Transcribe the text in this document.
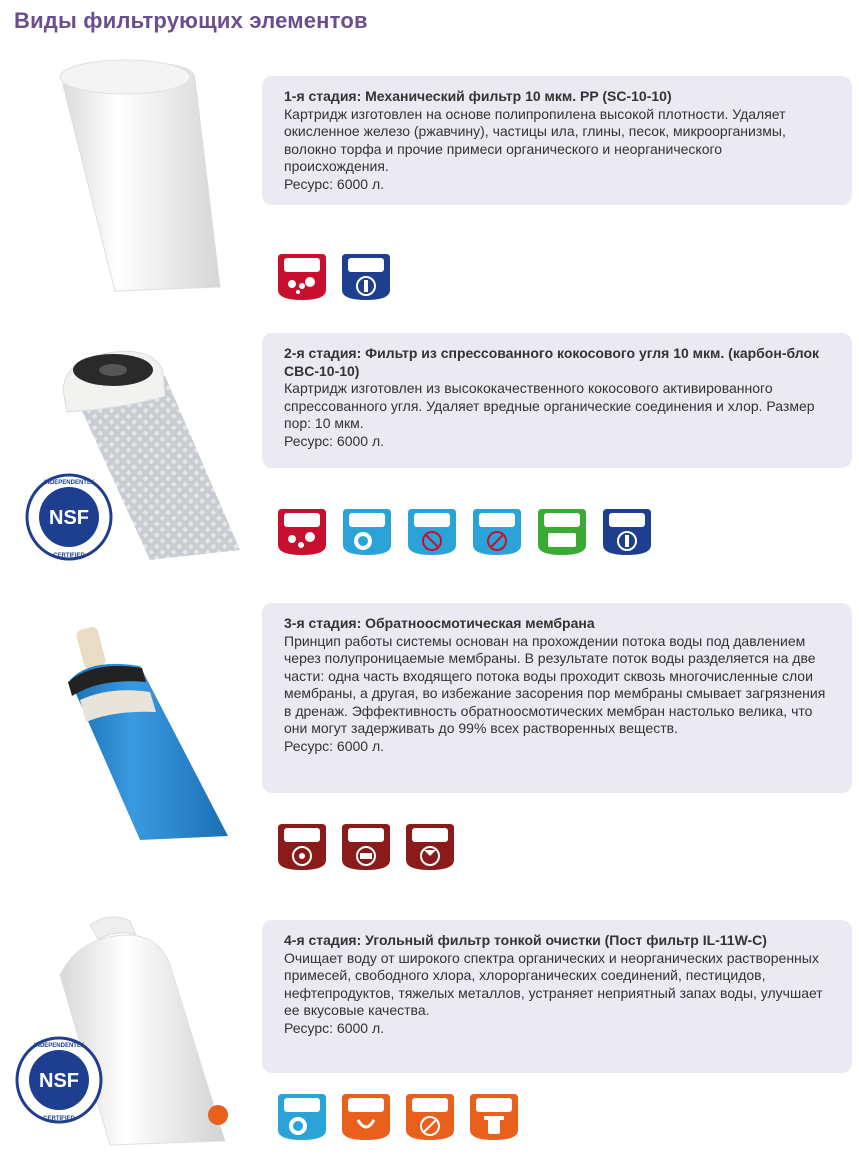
Виды фильтрующих элементов
1-я стадия: Механический фильтр 10 мкм. PP (SC-10-10)
Картридж изготовлен на основе полипропилена высокой плотности. Удаляет окисленное железо (ржавчину), частицы ила, глины, песок, микроорганизмы, волокно торфа и прочие примеси органического и неорганического происхождения.
Ресурс: 6000 л.
NSF
INDEPENDENTLY
CERTIFIED
2-я стадия: Фильтр из спрессованного кокосового угля 10 мкм. (карбон-блок CBC-10-10)
Картридж изготовлен из высококачественного кокосового активированного спрессованного угля. Удаляет вредные органические соединения и хлор. Размер пор: 10 мкм.
Ресурс: 6000 л.
3-я стадия: Обратноосмотическая мембрана
Принцип работы системы основан на прохождении потока воды под давлением через полупроницаемые мембраны. В результате поток воды разделяется на две части: одна часть входящего потока воды проходит сквозь многочисленные слои мембраны, а другая, во избежание засорения пор мембраны смывает загрязнения в дренаж. Эффективность обратноосмотических мембран настолько велика, что они могут задерживать до 99% всех растворенных веществ.
Ресурс: 6000 л.
NSF
INDEPENDENTLY
CERTIFIED
4-я стадия: Угольный фильтр тонкой очистки (Пост фильтр IL-11W-C)
Очищает воду от широкого спектра органических и неорганических растворенных примесей, свободного хлора, хлорорганических соединений, пестицидов, нефтепродуктов, тяжелых металлов, устраняет неприятный запах воды, улучшает ее вкусовые качества.
Ресурс: 6000 л.
